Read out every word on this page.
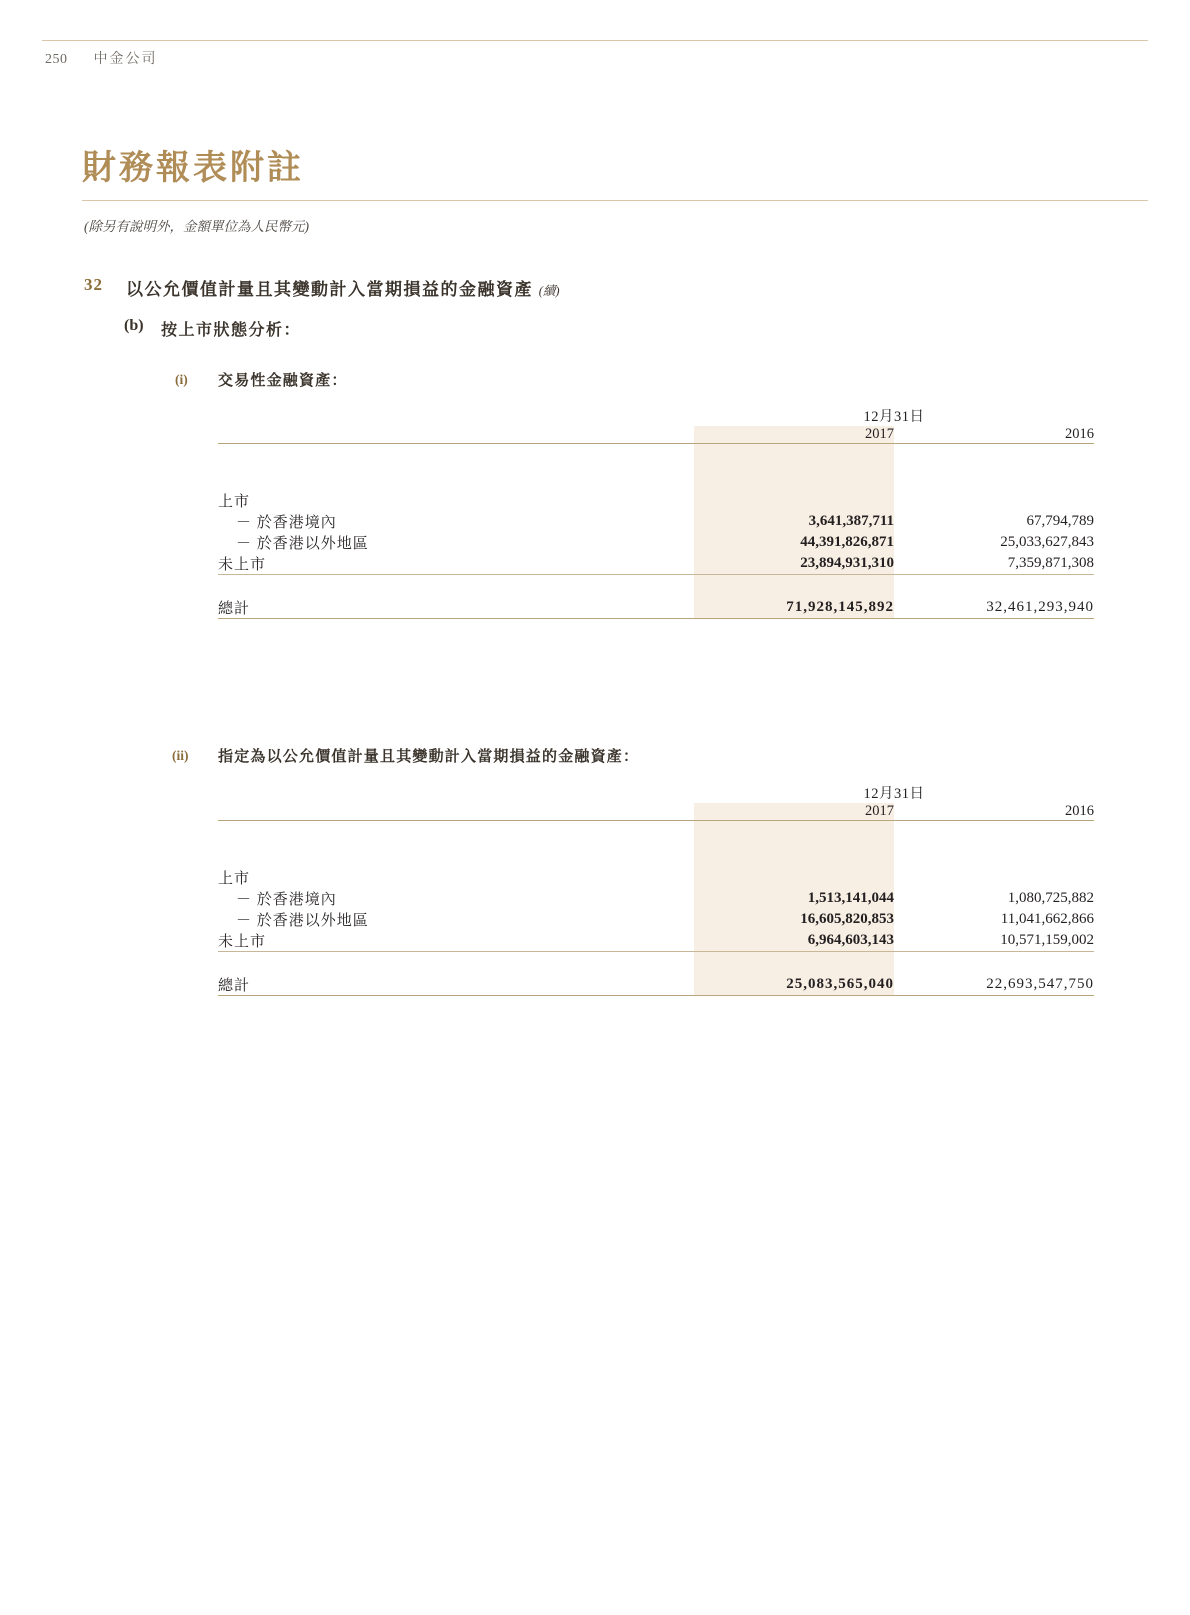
250 中金公司
財務報表附註
(除另有說明外，金額單位為人民幣元)
32 以公允價值計量且其變動計入當期損益的金融資產 (續)
(b) 按上市狀態分析：
(i) 交易性金融資產：
	12月31日	
	2017	2016

上市		
－ 於香港境內	3,641,387,711	67,794,789
－ 於香港以外地區	44,391,826,871	25,033,627,843
未上市	23,894,931,310	7,359,871,308

總計	71,928,145,892	32,461,293,940

(ii) 指定為以公允價值計量且其變動計入當期損益的金融資產：
	12月31日	
	2017	2016

上市		
－ 於香港境內	1,513,141,044	1,080,725,882
－ 於香港以外地區	16,605,820,853	11,041,662,866
未上市	6,964,603,143	10,571,159,002

總計	25,083,565,040	22,693,547,750
